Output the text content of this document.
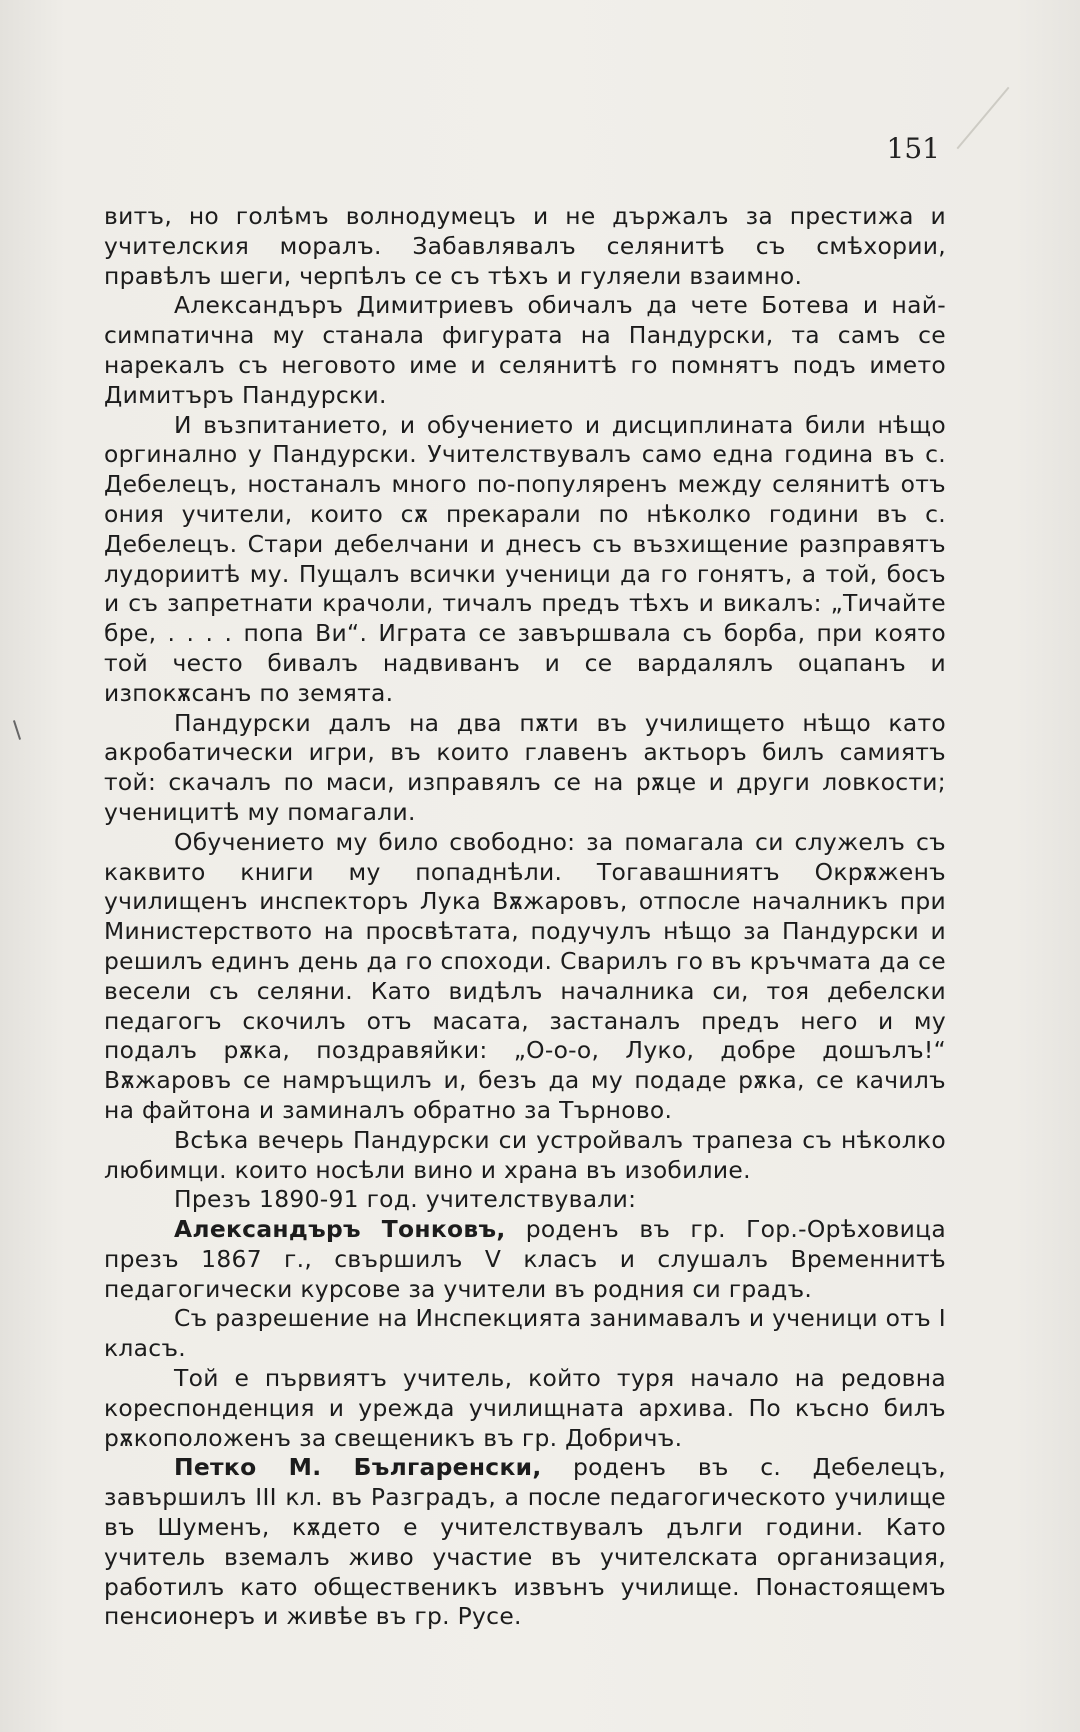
151

витъ, но голѣмъ волнодумецъ и не държалъ за престижа и учителския моралъ. Забавлявалъ селянитѣ съ смѣхории, правѣлъ шеги, черпѣлъ се съ тѣхъ и гуляели взаимно.

Александъръ Димитриевъ обичалъ да чете Ботева и най-симпатична му станала фигурата на Пандурски, та самъ се нарекалъ съ неговото име и селянитѣ го помнятъ подъ името Димитъръ Пандурски.

И възпитанието, и обучението и дисциплината били нѣщо оргинално у Пандурски. Учителствувалъ само една година въ с. Дебелецъ, ностаналъ много по-популяренъ между селянитѣ отъ ония учители, които сѫ прекарали по нѣколко години въ с. Дебелецъ. Стари дебелчани и днесъ съ възхищение разправятъ лудориитѣ му. Пущалъ всички ученици да го гонятъ, а той, босъ и съ запретнати крачоли, тичалъ предъ тѣхъ и викалъ: „Тичайте бре, . . . . попа Ви“. Играта се завършвала съ борба, при която той често бивалъ надвиванъ и се вардалялъ оцапанъ и изпокѫсанъ по земята.

Пандурски далъ на два пѫти въ училището нѣщо като акробатически игри, въ които главенъ актьоръ билъ самиятъ той: скачалъ по маси, изправялъ се на рѫце и други ловкости; ученицитѣ му помагали.

Обучението му било свободно: за помагала си служелъ съ каквито книги му попаднѣли. Тогавашниятъ Окрѫженъ училищенъ инспекторъ Лука Вѫжаровъ, отпосле началникъ при Министерството на просвѣтата, подучулъ нѣщо за Пандурски и решилъ единъ день да го споходи. Сварилъ го въ кръчмата да се весели съ селяни. Като видѣлъ началника си, тоя дебелски педагогъ скочилъ отъ масата, застаналъ предъ него и му подалъ рѫка, поздравяйки: „О-о-о, Луко, добре дошълъ!“ Вѫжаровъ се намръщилъ и, безъ да му подаде рѫка, се качилъ на файтона и заминалъ обратно за Търново.

Всѣка вечерь Пандурски си устройвалъ трапеза съ нѣколко любимци. които носѣли вино и храна въ изобилие.

Презъ 1890-91 год. учителствували:

Александъръ Тонковъ, роденъ въ гр. Гор.-Орѣховица презъ 1867 г., свършилъ V класъ и слушалъ Временнитѣ педагогически курсове за учители въ родния си градъ.

Съ разрешение на Инспекцията занимавалъ и ученици отъ I класъ.

Той е първиятъ учитель, който туря начало на редовна кореспонденция и урежда училищната архива. По късно билъ рѫкоположенъ за свещеникъ въ гр. Добричъ.

Петко М. Българенски, роденъ въ с. Дебелецъ, завършилъ III кл. въ Разградъ, а после педагогическото училище въ Шуменъ, кѫдето е учителствувалъ дълги години. Като учитель вземалъ живо участие въ учителската организация, работилъ като общественикъ извънъ училище. Понастоящемъ пенсионеръ и живѣе въ гр. Русе.
